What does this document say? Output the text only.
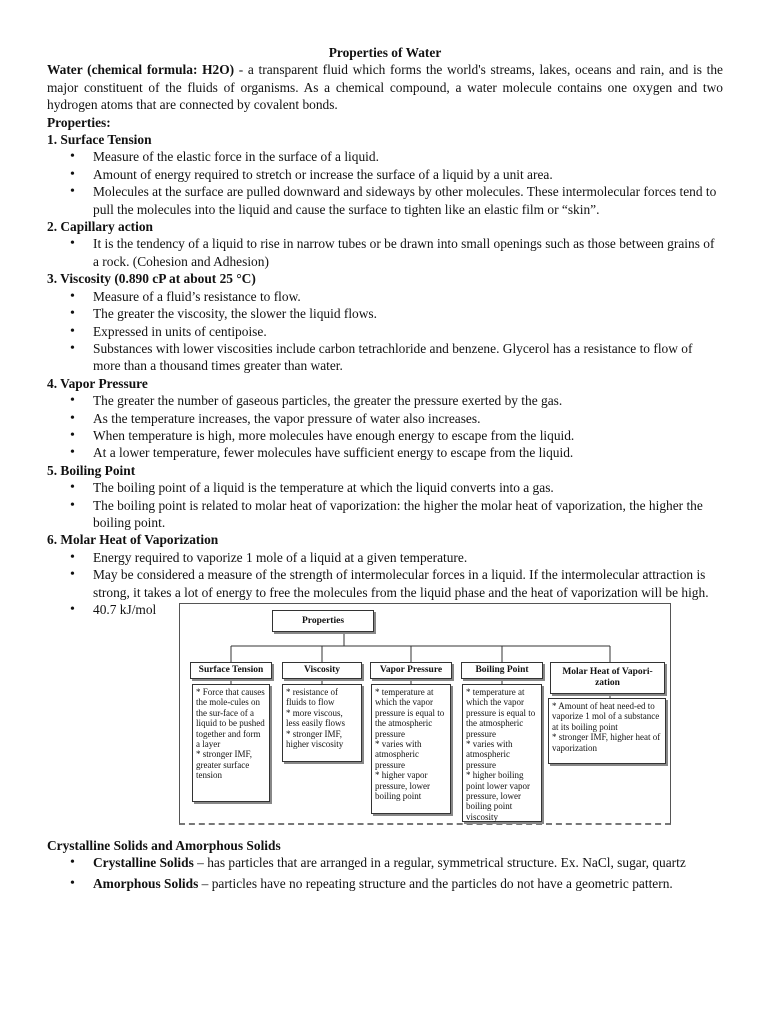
Properties of Water

Water (chemical formula: H2O) - a transparent fluid which forms the world's streams, lakes, oceans and rain, and is the major constituent of the fluids of organisms. As a chemical compound, a water molecule contains one oxygen and two hydrogen atoms that are connected by covalent bonds.

Properties:

1. Surface Tension

• Measure of the elastic force in the surface of a liquid.
• Amount of energy required to stretch or increase the surface of a liquid by a unit area.
• Molecules at the surface are pulled downward and sideways by other molecules. These intermolecular forces tend to pull the molecules into the liquid and cause the surface to tighten like an elastic film or “skin”.

2. Capillary action

• It is the tendency of a liquid to rise in narrow tubes or be drawn into small openings such as those between grains of a rock. (Cohesion and Adhesion)

3. Viscosity (0.890 cP at about 25 °C)

• Measure of a fluid’s resistance to flow.
• The greater the viscosity, the slower the liquid flows.
• Expressed in units of centipoise.
• Substances with lower viscosities include carbon tetrachloride and benzene. Glycerol has a resistance to flow of more than a thousand times greater than water.

4. Vapor Pressure

• The greater the number of gaseous particles, the greater the pressure exerted by the gas.
• As the temperature increases, the vapor pressure of water also increases.
• When temperature is high, more molecules have enough energy to escape from the liquid.
• At a lower temperature, fewer molecules have sufficient energy to escape from the liquid.

5. Boiling Point

• The boiling point of a liquid is the temperature at which the liquid converts into a gas.
• The boiling point is related to molar heat of vaporization: the higher the molar heat of vaporization, the higher the boiling point.

6. Molar Heat of Vaporization

• Energy required to vaporize 1 mole of a liquid at a given temperature.
• May be considered a measure of the strength of intermolecular forces in a liquid. If the intermolecular attraction is strong, it takes a lot of energy to free the molecules from the liquid phase and the heat of vaporization will be high.
• 40.7 kJ/mol
Properties
Surface Tension	Viscosity	Vapor Pressure	Boiling Point	Molar Heat of Vapori-zation
* Force that causes the mole-cules on the sur-face of a liquid to be pushed together and form a layer
* stronger IMF, greater surface tension
* resistance of fluids to flow
* more viscous, less easily flows
* stronger IMF, higher viscosity
* temperature at which the vapor pressure is equal to the atmospheric pressure
* varies with atmospheric pressure
* higher vapor pressure, lower boiling point
* temperature at which the vapor pressure is equal to the atmospheric pressure
* varies with atmospheric pressure
* higher boiling point lower vapor pressure, lower boiling point viscosity
* Amount of heat need-ed to vaporize 1 mol of a substance at its boiling point
* stronger IMF, higher heat of vaporization

Crystalline Solids and Amorphous Solids

• Crystalline Solids – has particles that are arranged in a regular, symmetrical structure. Ex. NaCl, sugar, quartz
• Amorphous Solids – particles have no repeating structure and the particles do not have a geometric pattern.
